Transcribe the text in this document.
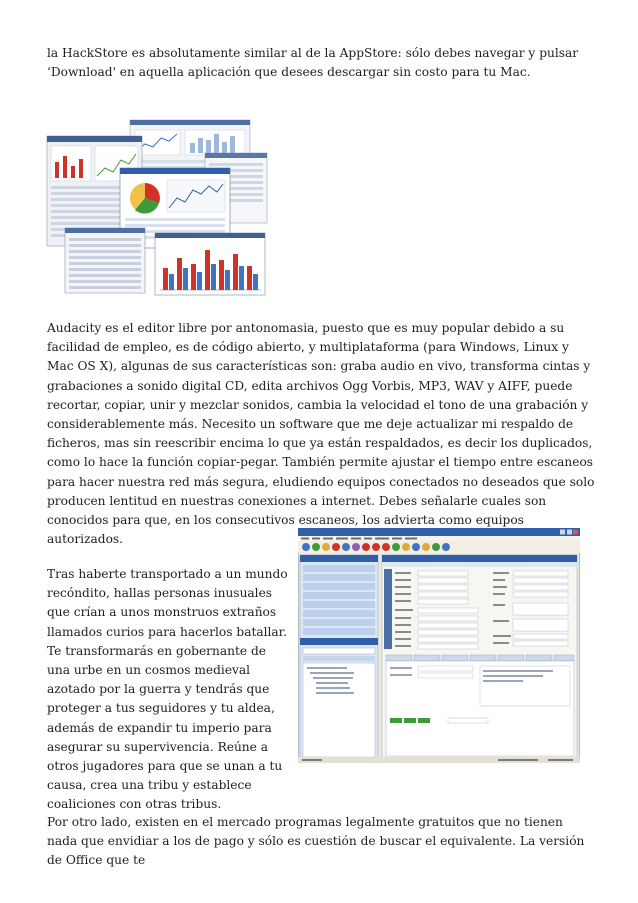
la HackStore es absolutamente similar al de la AppStore: sólo debes navegar y pulsar ‘Download' en aquella aplicación que desees descargar sin costo para tu Mac.

Audacity es el editor libre por antonomasia, puesto que es muy popular debido a su facilidad de empleo, es de código abierto, y multiplataforma (para Windows, Linux y Mac OS X), algunas de sus características son: graba audio en vivo, transforma cintas y grabaciones a sonido digital CD, edita archivos Ogg Vorbis, MP3, WAV y AIFF, puede recortar, copiar, unir y mezclar sonidos, cambia la velocidad el tono de una grabación y considerablemente más. Necesito un software que me deje actualizar mi respaldo de ficheros, mas sin reescribir encima lo que ya están respaldados, es decir los duplicados, como lo hace la función copiar-pegar. También permite ajustar el tiempo entre escaneos para hacer nuestra red más segura, eludiendo equipos conectados no deseados que solo producen lentitud en nuestras conexiones a internet. Debes señalarle cuales son conocidos para que, en los consecutivos escaneos, los advierta como equipos autorizados.

Tras haberte transportado a un mundo recóndito, hallas personas inusuales que crían a unos monstruos extraños llamados curios para hacerlos batallar. Te transformarás en gobernante de una urbe en un cosmos medieval azotado por la guerra y tendrás que proteger a tus seguidores y tu aldea, además de expandir tu imperio para asegurar su supervivencia. Reúne a otros jugadores para que se unan a tu causa, crea una tribu y establece coaliciones con otras tribus.

Por otro lado, existen en el mercado programas legalmente gratuitos que no tienen nada que envidiar a los de pago y sólo es cuestión de buscar el equivalente. La versión de Office que te
